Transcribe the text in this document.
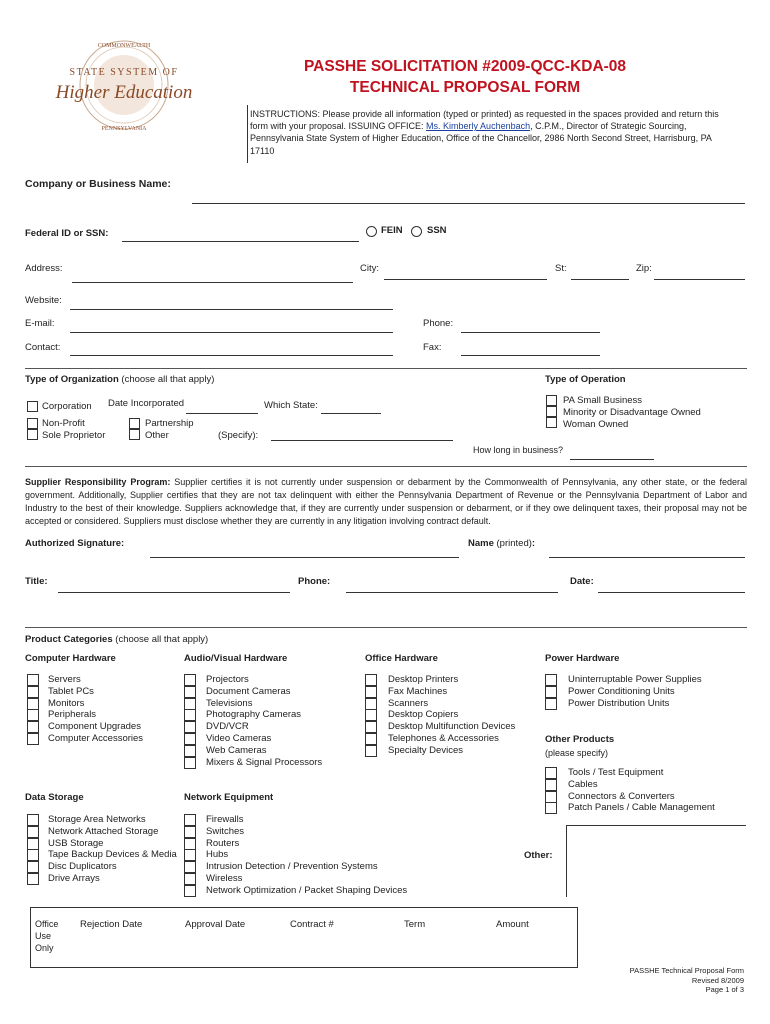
COMMONWEALTH
PENNSYLVANIA
STATE SYSTEM OF
Higher Education
PASSHE SOLICITATION #2009-QCC-KDA-08
TECHNICAL PROPOSAL FORM
INSTRUCTIONS: Please provide all information (typed or printed) as requested in the spaces provided and return this form with your proposal. ISSUING OFFICE: Ms. Kimberly Auchenbach, C.P.M., Director of Strategic Sourcing, Pennsylvania State System of Higher Education, Office of the Chancellor, 2986 North Second Street, Harrisburg, PA 17110
Company or Business Name:
Federal ID or SSN:	FEIN	SSN
Address:	City:	St:	Zip:
Website:
E-mail:	Phone:
Contact:	Fax:
Type of Organization (choose all that apply)
Corporation Date Incorporated	Which State:
Non-Profit
Sole Proprietor
Partnership
Other	(Specify):
How long in business?
Type of Operation
PA Small Business
Minority or Disadvantage Owned
Woman Owned
Supplier Responsibility Program: Supplier certifies it is not currently under suspension or debarment by the Commonwealth of Pennsylvania, any other state, or the federal government. Additionally, Supplier certifies that they are not tax delinquent with either the Pennsylvania Department of Revenue or the Pennsylvania Department of Labor and Industry to the best of their knowledge. Suppliers acknowledge that, if they are currently under suspension or debarment, or if they owe delinquent taxes, their proposal may not be accepted or considered. Suppliers must disclose whether they are currently in any litigation involving contract default.
Authorized Signature:	Name (printed):
Title:	Phone:	Date:
Product Categories (choose all that apply)
Computer Hardware	Audio/Visual Hardware	Office Hardware	Power Hardware
Servers
Tablet PCs
Monitors
Peripherals
Component Upgrades
Computer Accessories
Projectors
Document Cameras
Televisions
Photography Cameras
DVD/VCR
Video Cameras
Web Cameras
Mixers & Signal Processors
Desktop Printers
Fax Machines
Scanners
Desktop Copiers
Desktop Multifunction Devices
Telephones & Accessories
Specialty Devices
Uninterruptable Power Supplies
Power Conditioning Units
Power Distribution Units
Other Products
(please specify)
Tools / Test Equipment
Cables
Connectors & Converters
Patch Panels / Cable Management
Data Storage
Storage Area Networks
Network Attached Storage
USB Storage
Tape Backup Devices & Media
Disc Duplicators
Drive Arrays
Network Equipment
Firewalls
Switches
Routers
Hubs
Intrusion Detection / Prevention Systems
Wireless
Network Optimization / Packet Shaping Devices
Other:
Office
Use
Only
Rejection Date	Approval Date	Contract #	Term	Amount
PASSHE Technical Proposal Form
Revised 8/2009
Page 1 of 3
